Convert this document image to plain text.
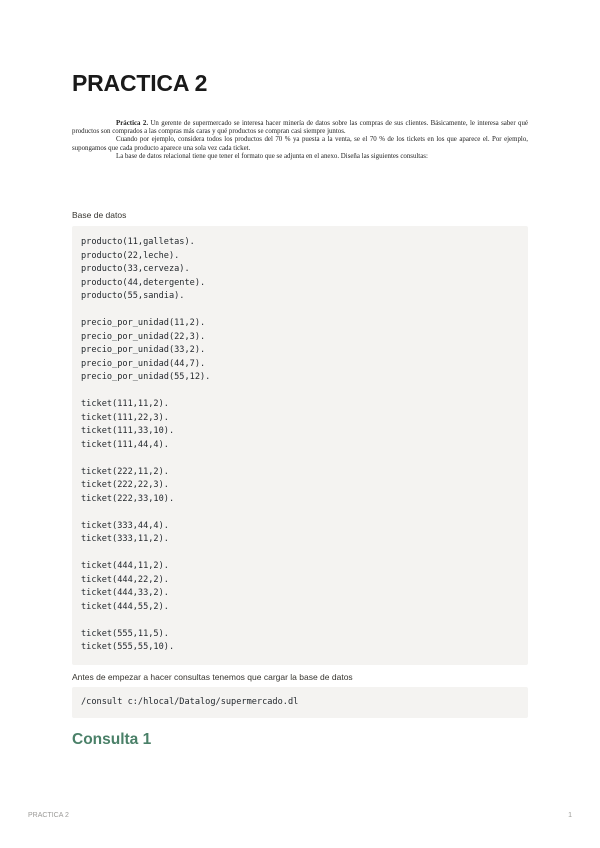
PRACTICA 2

Práctica 2. Un gerente de supermercado se interesa hacer minería de datos sobre las compras de sus clientes. Básicamente, le interesa saber qué productos son comprados a las compras más caras y qué productos se compran casi siempre juntos.

Cuando por ejemplo, considera todos los productos del 70 % ya puesta a la venta, se el 70 % de los tickets en los que aparece el. Por ejemplo, supongamos que cada producto aparece una sola vez cada ticket.

La base de datos relacional tiene que tener el formato que se adjunta en el anexo. Diseña las siguientes consultas:

Base de datos

producto(11,galletas).
producto(22,leche).
producto(33,cerveza).
producto(44,detergente).
producto(55,sandia).
precio_por_unidad(11,2).
precio_por_unidad(22,3).
precio_por_unidad(33,2).
precio_por_unidad(44,7).
precio_por_unidad(55,12).
ticket(111,11,2).
ticket(111,22,3).
ticket(111,33,10).
ticket(111,44,4).
ticket(222,11,2).
ticket(222,22,3).
ticket(222,33,10).
ticket(333,44,4).
ticket(333,11,2).
ticket(444,11,2).
ticket(444,22,2).
ticket(444,33,2).
ticket(444,55,2).
ticket(555,11,5).
ticket(555,55,10).

Antes de empezar a hacer consultas tenemos que cargar la base de datos

/consult c:/hlocal/Datalog/supermercado.dl
Consulta 1
PRACTICA 2	1
